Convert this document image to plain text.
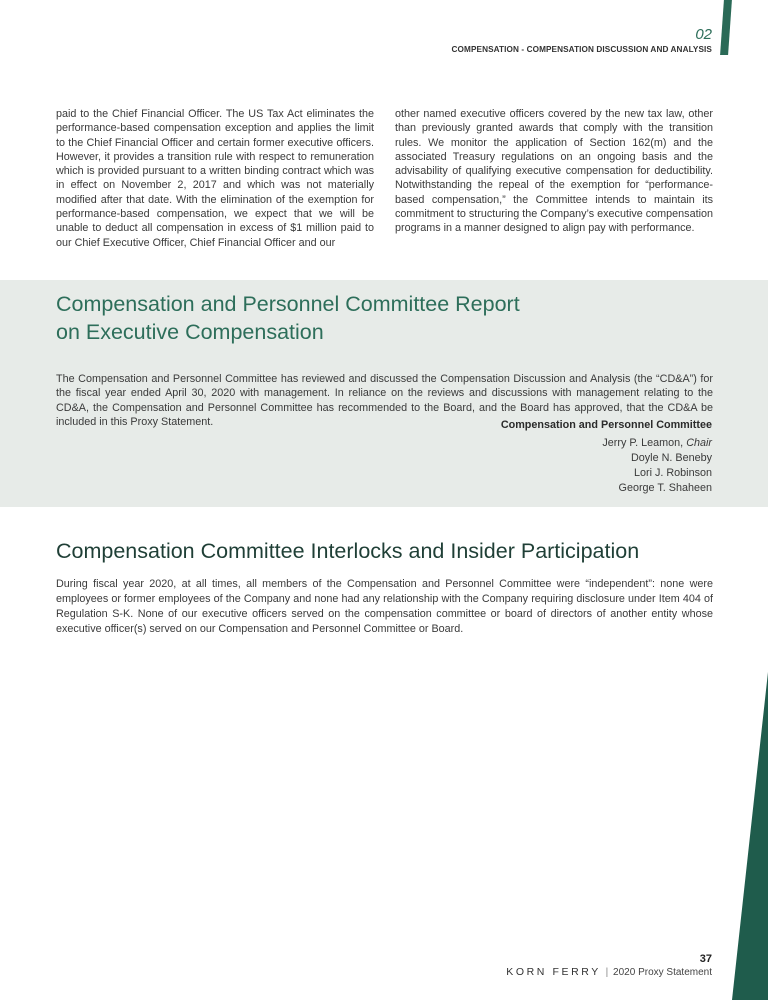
02
COMPENSATION - COMPENSATION DISCUSSION AND ANALYSIS
paid to the Chief Financial Officer. The US Tax Act eliminates the performance-based compensation exception and applies the limit to the Chief Financial Officer and certain former executive officers. However, it provides a transition rule with respect to remuneration which is provided pursuant to a written binding contract which was in effect on November 2, 2017 and which was not materially modified after that date. With the elimination of the exemption for performance-based compensation, we expect that we will be unable to deduct all compensation in excess of $1 million paid to our Chief Executive Officer, Chief Financial Officer and our
other named executive officers covered by the new tax law, other than previously granted awards that comply with the transition rules. We monitor the application of Section 162(m) and the associated Treasury regulations on an ongoing basis and the advisability of qualifying executive compensation for deductibility. Notwithstanding the repeal of the exemption for “performance-based compensation,” the Committee intends to maintain its commitment to structuring the Company’s executive compensation programs in a manner designed to align pay with performance.
Compensation and Personnel Committee Report
on Executive Compensation
The Compensation and Personnel Committee has reviewed and discussed the Compensation Discussion and Analysis (the “CD&A”) for the fiscal year ended April 30, 2020 with management. In reliance on the reviews and discussions with management relating to the CD&A, the Compensation and Personnel Committee has recommended to the Board, and the Board has approved, that the CD&A be included in this Proxy Statement.	Compensation and Personnel Committee
Jerry P. Leamon, Chair
Doyle N. Beneby
Lori J. Robinson
George T. Shaheen
Compensation Committee Interlocks and Insider Participation
During fiscal year 2020, at all times, all members of the Compensation and Personnel Committee were “independent”: none were employees or former employees of the Company and none had any relationship with the Company requiring disclosure under Item 404 of Regulation S-K. None of our executive officers served on the compensation committee or board of directors of another entity whose executive officer(s) served on our Compensation and Personnel Committee or Board.
37
KORN FERRY | 2020 Proxy Statement
